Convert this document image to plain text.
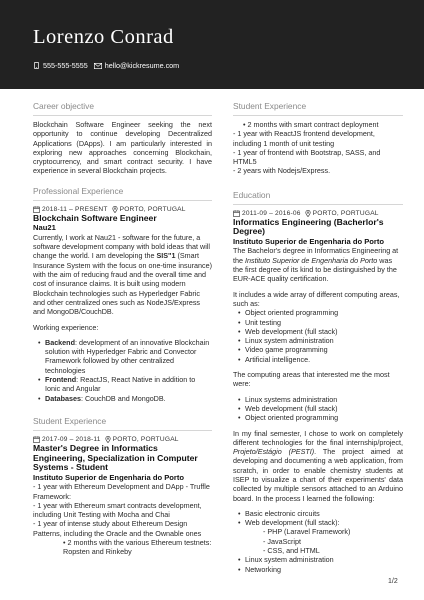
Lorenzo Conrad
555-555-5555 hello@kickresume.com
Career objective

Blockchain Software Engineer seeking the next opportunity to continue developing Decentralized Applications (DApps). I am particularly interested in exploring new approaches concerning Blockchain, cryptocurrency, and smart contract security. I have experience in several Blockchain projects.

Professional Experience
2018-11 – PRESENT PORTO, PORTUGAL
Blockchain Software Engineer
Nau21

Currently, I work at Nau21 - software for the future, a software development company with bold ideas that will change the world. I am developing the SIS"1 (Smart Insurance System with the focus on one-time insurance) with the aim of reducing fraud and the overall time and cost of insurance claims. It is built using modern Blockchain technologies such as Hyperledger Fabric and other centralized ones such as NodeJS/Express and MongoDB/CouchDB.

Working experience:

• Backend: development of an innovative Blockchain solution with Hyperledger Fabric and Convector Framework followed by other centralized technologies
• Frontend: ReactJS, React Native in addition to Ionic and Angular
• Databases: CouchDB and MongoDB.
Student Experience
2017-09 – 2018-11 PORTO, PORTUGAL
Master's Degree in Informatics Engineering, Specialization in Computer Systems - Student
Instituto Superior de Engenharia do Porto

- 1 year with Ethereum Development and DApp - Truffle Framework:

- 1 year with Ethereum smart contracts development, including Unit Testing with Mocha and Chai

- 1 year of intense study about Ethereum Design Patterns, including the Oracle and the Ownable ones

• 2 months with the various Ethereum testnets: Ropsten and Rinkeby

Student Experience

• 2 months with smart contract deployment

- 1 year with ReactJS frontend development, including 1 month of unit testing

- 1 year of frontend with Bootstrap, SASS, and HTML5

- 2 years with Nodejs/Express.

Education
2011-09 – 2016-06 PORTO, PORTUGAL
Informatics Engineering (Bacherlor's Degree)
Instituto Superior de Engenharia do Porto

The Bachelor's degree in Informatics Engineering at the Instituto Superior de Engenharia do Porto was the first degree of its kind to be distinguished by the EUR-ACE quality certification.

It includes a wide array of different computing areas, such as:

• Object oriented programming
• Unit testing
• Web development (full stack)
• Linux system administration
• Video game programming
• Artificial intelligence.

The computing areas that interested me the most were:

• Linux systems administration
• Web development (full stack)
• Object oriented programming

In my final semester, I chose to work on completely different technologies for the final internship/project, Projeto/Estágio (PESTI). The project aimed at developing and documenting a web application, from scratch, in order to enable chemistry students at ISEP to visualize a chart of their experiments' data collected by multiple sensors attached to an Arduino board. In the process I learned the following:

• Basic electronic circuits
• Web development (full stack):

- PHP (Laravel Framework)

- JavaScript

- CSS, and HTML

• Linux system administration
• Networking
1/2
